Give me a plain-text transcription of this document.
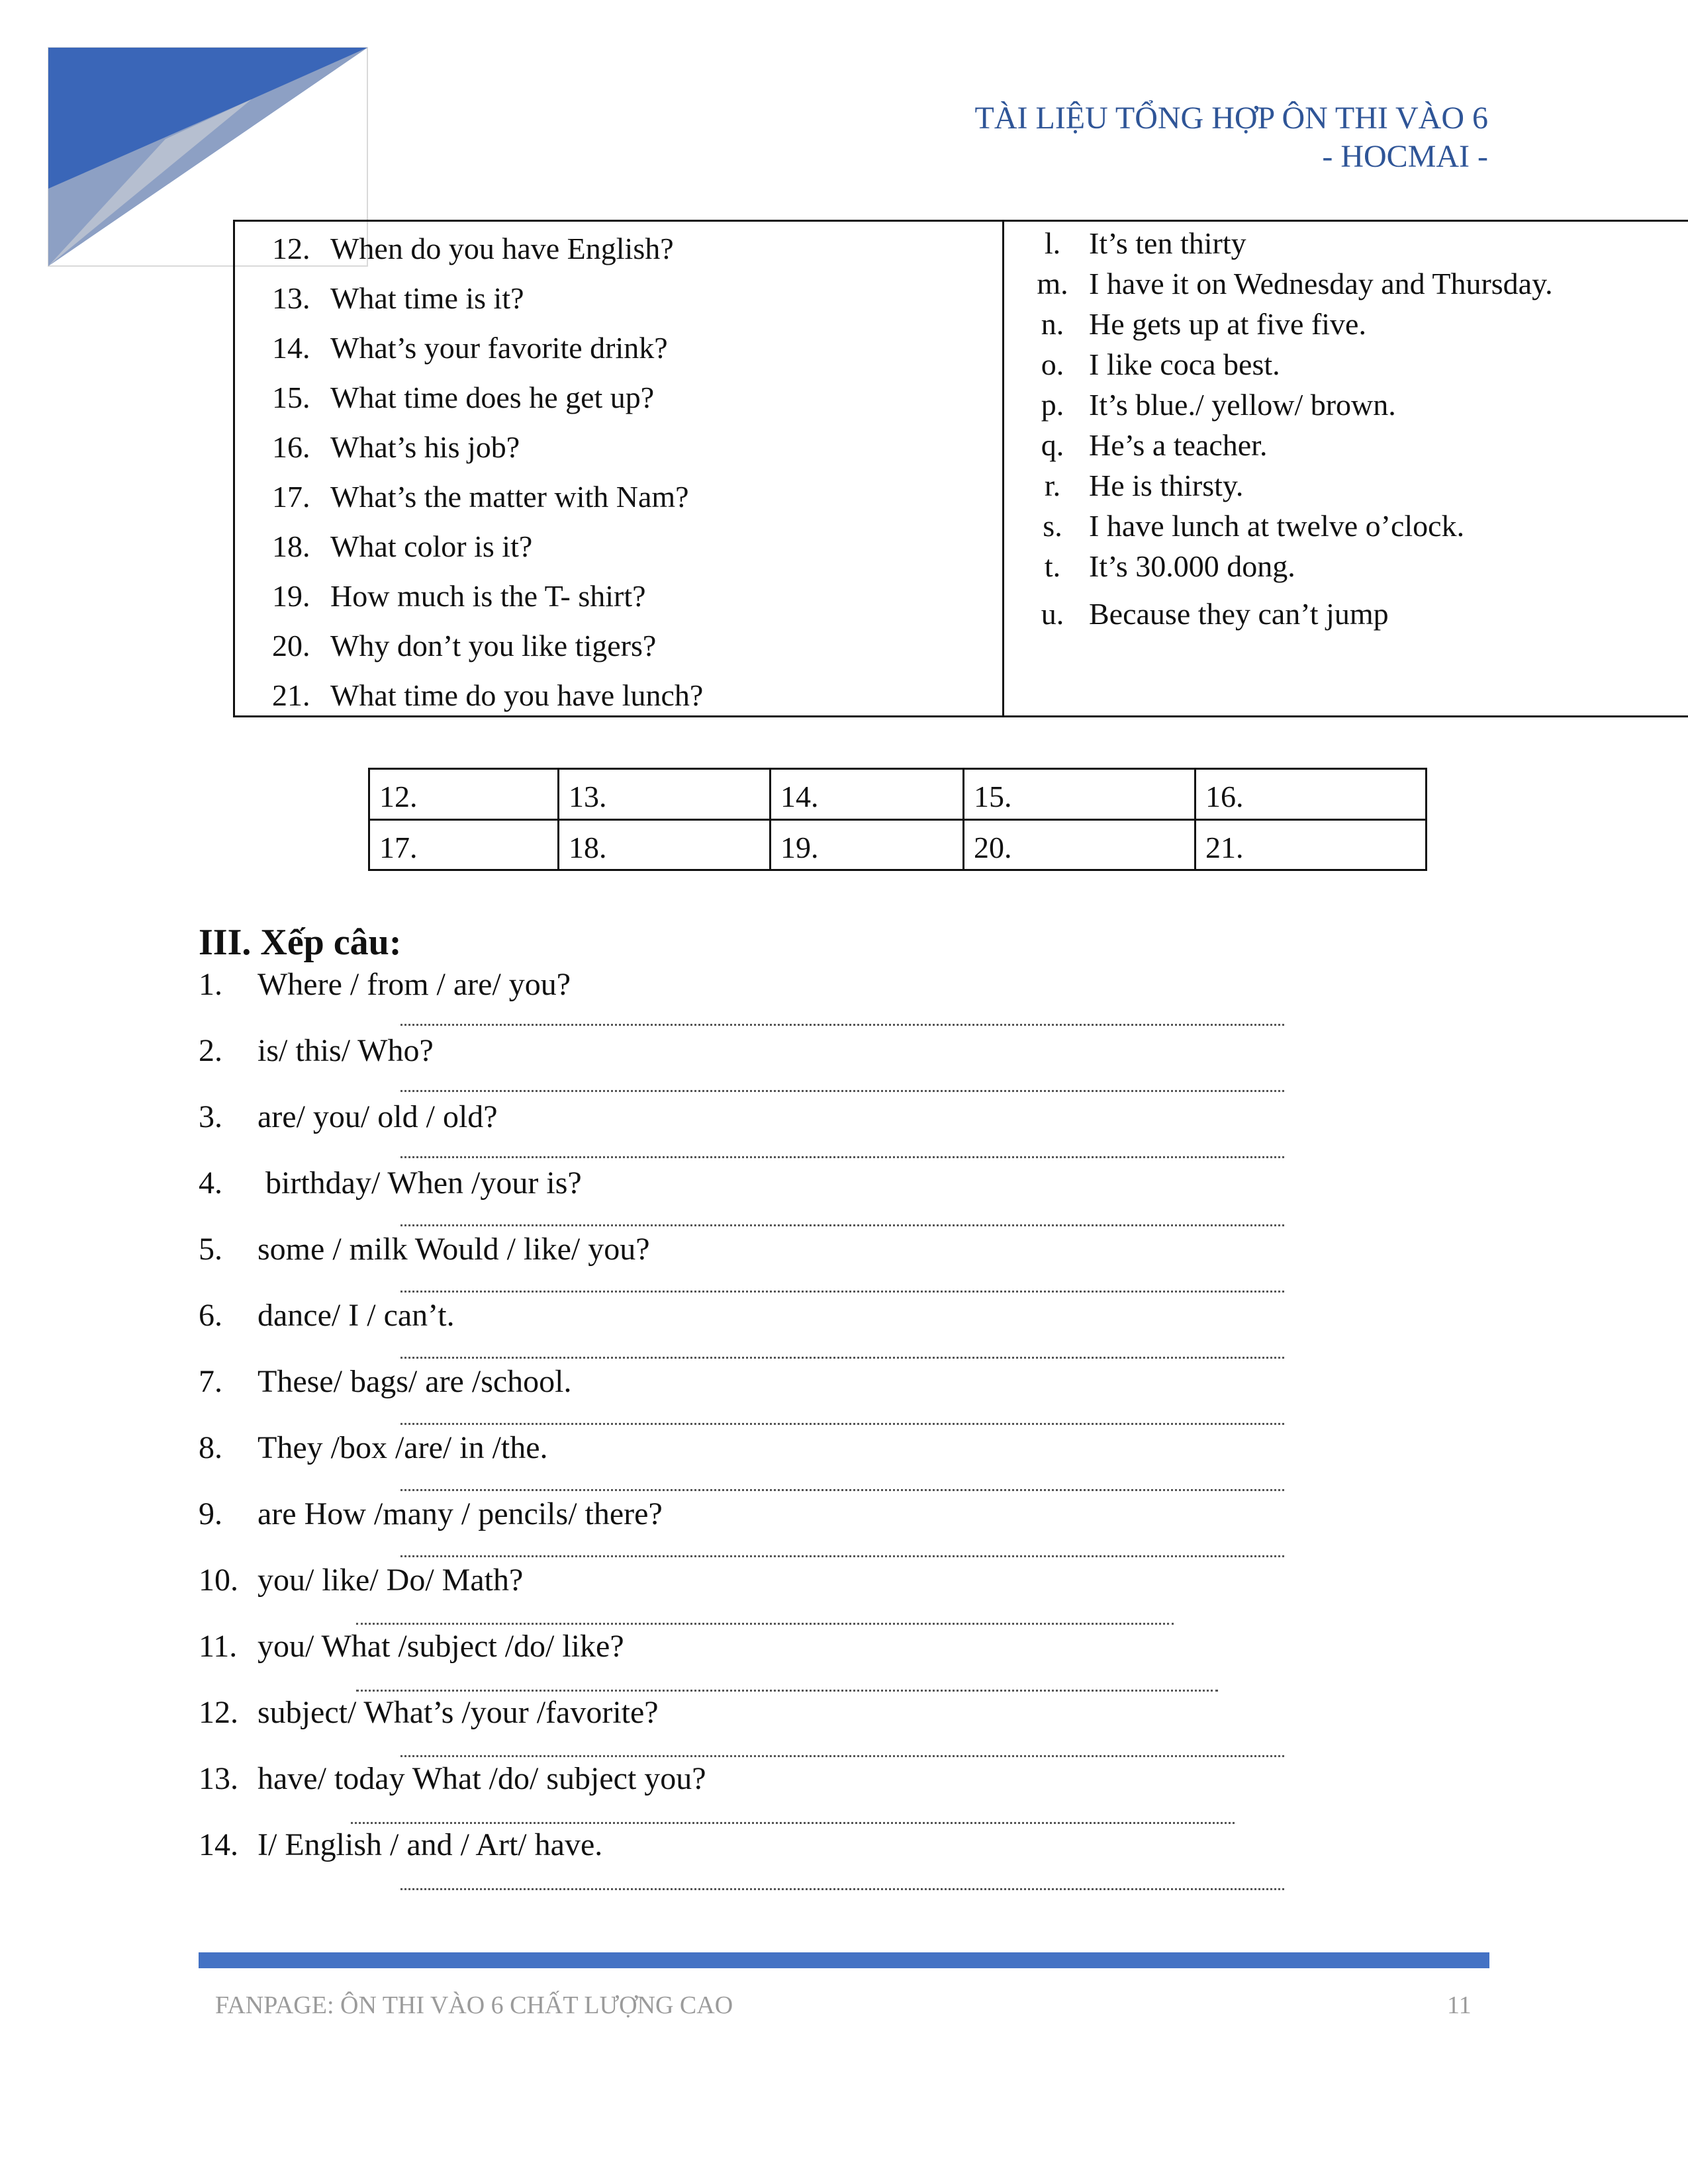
TÀI LIỆU TỔNG HỢP ÔN THI VÀO 6
- HOCMAI -
12. When do you have English?
13. What time is it?
14. What’s your favorite drink?
15. What time does he get up?
16. What’s his job?
17. What’s the matter with Nam?
18. What color is it?
19. How much is the T- shirt?
20. Why don’t you like tigers?
21. What time do you have lunch?
l. It’s ten thirty
m. I have it on Wednesday and Thursday.
n. He gets up at five five.
o. I like coca best.
p. It’s blue./ yellow/ brown.
q. He’s a teacher.
r. He is thirsty.
s. I have lunch at twelve o’clock.
t. It’s 30.000 dong.
u. Because they can’t jump
12.	13.	14.	15.	16.
17.	18.	19.	20.	21.
III. Xếp câu:
1. Where / from / are/ you?
2. is/ this/ Who?
3. are/ you/ old / old?
4. birthday/ When /your is?
5. some / milk Would / like/ you?
6. dance/ I / can’t.
7. These/ bags/ are /school.
8. They /box /are/ in /the.
9. are How /many / pencils/ there?
10. you/ like/ Do/ Math?
11. you/ What /subject /do/ like?
12. subject/ What’s /your /favorite?
13. have/ today What /do/ subject you?
14. I/ English / and / Art/ have.
FANPAGE: ÔN THI VÀO 6 CHẤT LƯỢNG CAO	11
